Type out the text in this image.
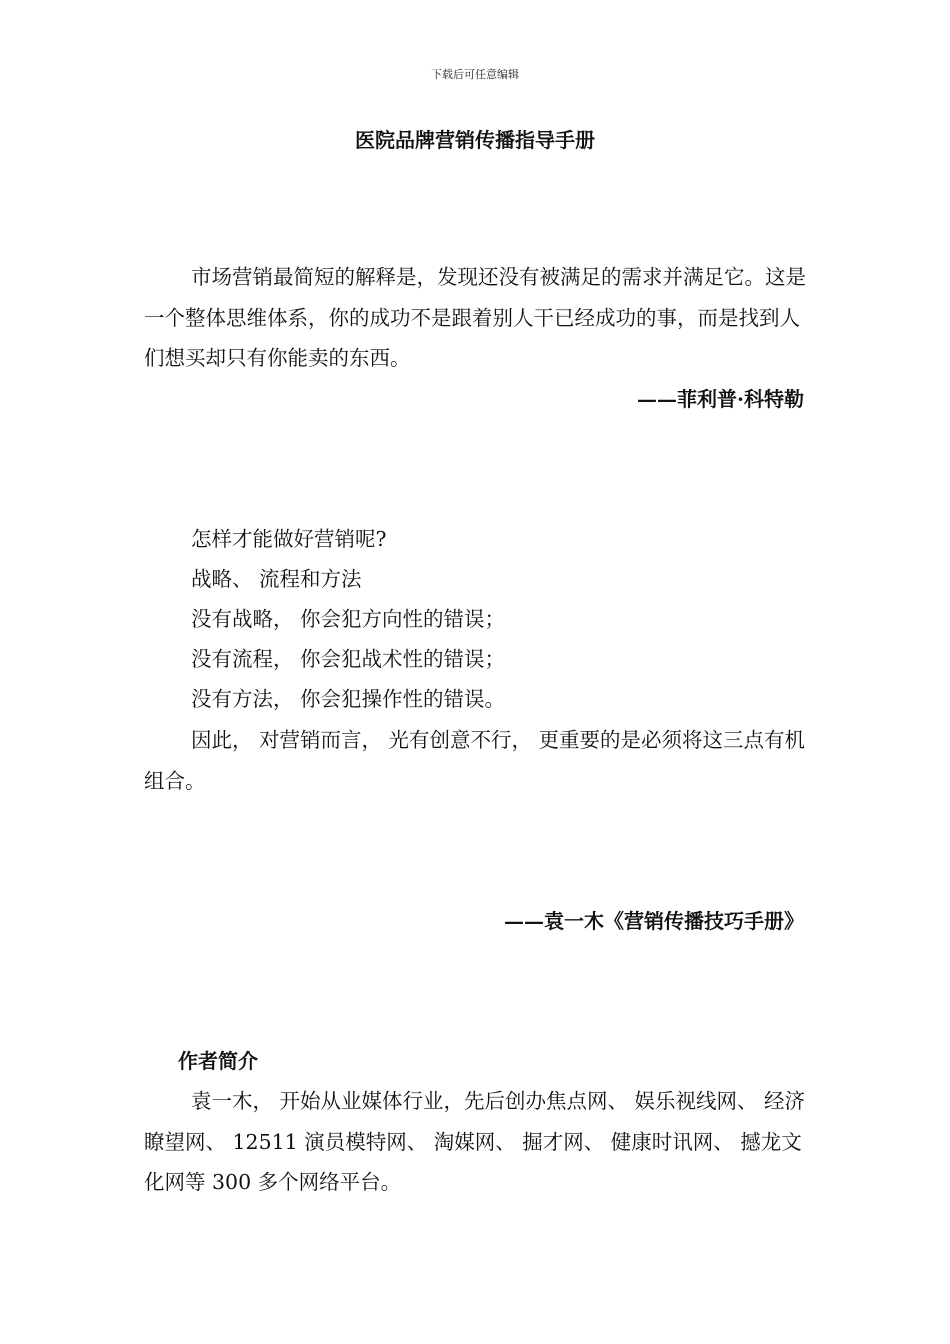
下载后可任意编辑
医院品牌营销传播指导手册

市场营销最简短的解释是，发现还没有被满足的需求并满足它。这是一个整体思维体系，你的成功不是跟着别人干已经成功的事，而是找到人们想买却只有你能卖的东西。

——菲利普·科特勒
怎样才能做好营销呢?
战略、 流程和方法
没有战略， 你会犯方向性的错误；
没有流程， 你会犯战术性的错误；
没有方法， 你会犯操作性的错误。

因此， 对营销而言， 光有创意不行， 更重要的是必须将这三点有机组合。

——袁一木《营销传播技巧手册》
作者简介

袁一木， 开始从业媒体行业，先后创办焦点网、 娱乐视线网、 经济瞭望网、 12511 演员模特网、 淘媒网、 掘才网、 健康时讯网、 撼龙文化网等 300 多个网络平台。
